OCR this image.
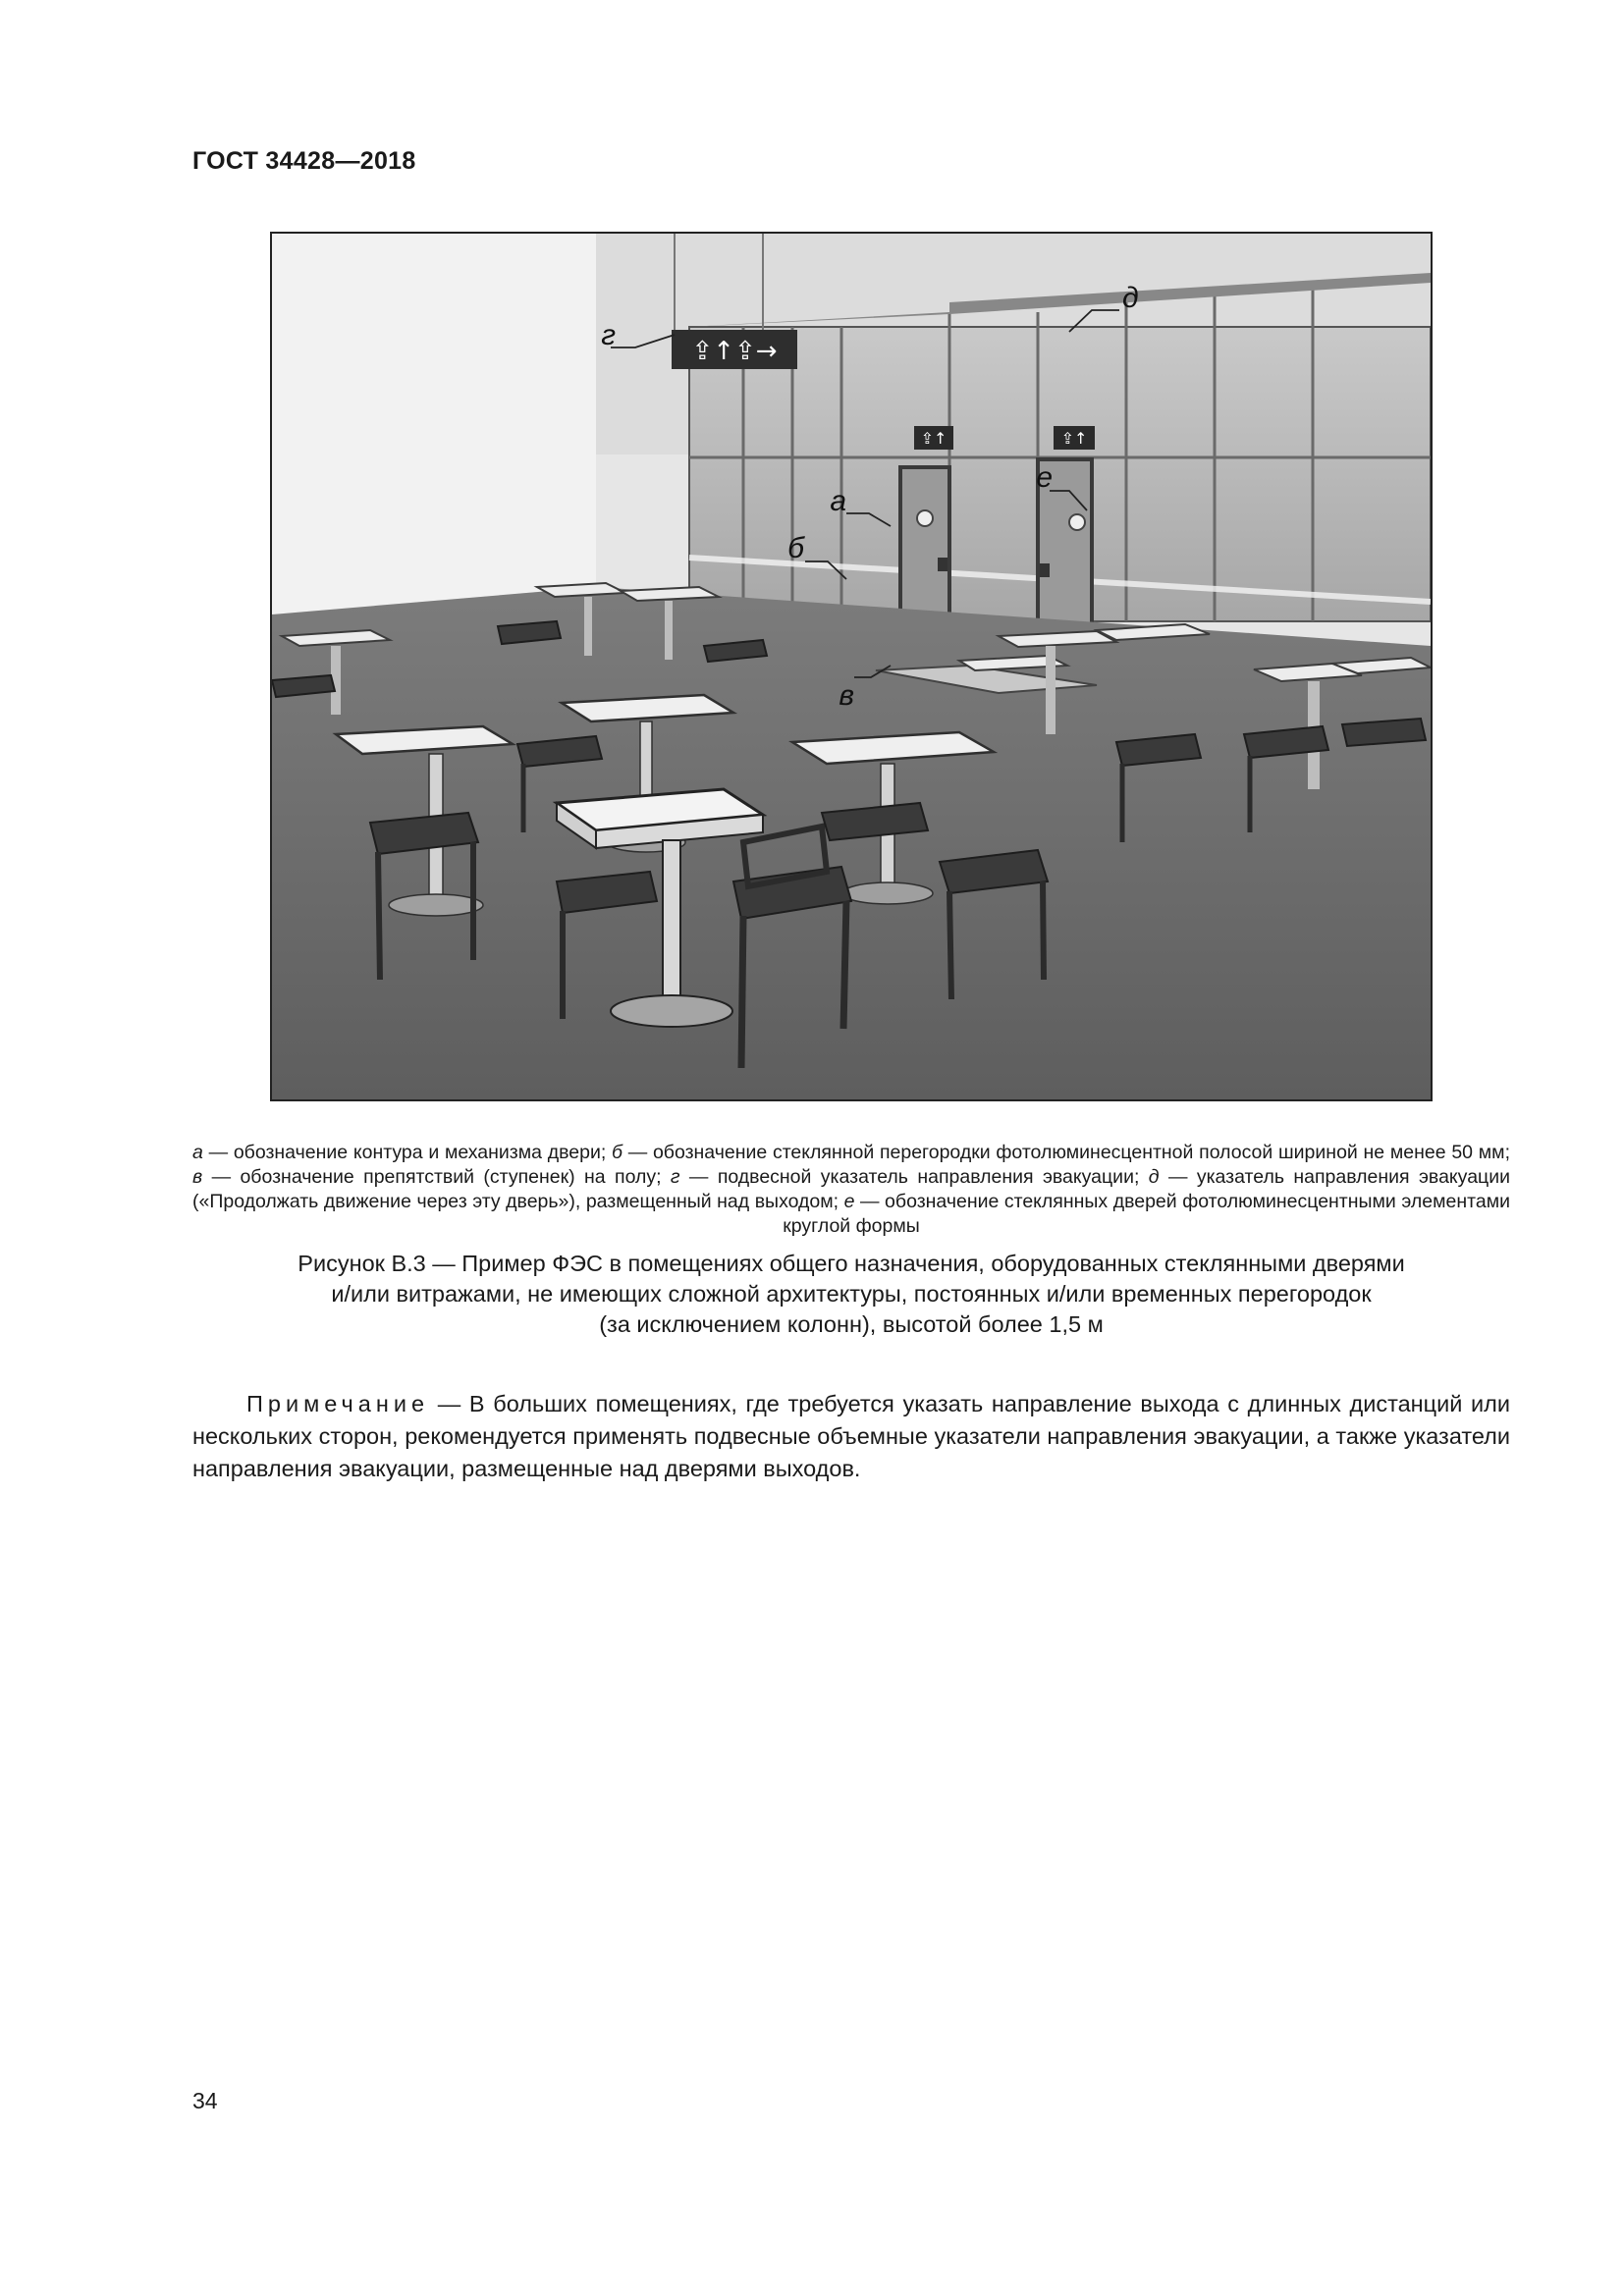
ГОСТ 34428—2018
⇪↑	⇪↑
⇪↑⇪→
г
д
а
е
б
в
а — обозначение контура и механизма двери; б — обозначение стеклянной перегородки фотолюминесцентной полосой шириной не менее 50 мм; в — обозначение препятствий (ступенек) на полу; г — подвесной указатель направления эвакуации; д — указатель направления эвакуации («Продолжать движение через эту дверь»), размещенный над выходом; е — обозначение стеклянных дверей фотолюминесцентными элементами круглой формы
Рисунок В.3 — Пример ФЭС в помещениях общего назначения, оборудованных стеклянными дверями
и/или витражами, не имеющих сложной архитектуры, постоянных и/или временных перегородок
(за исключением колонн), высотой более 1,5 м
Примечание — В больших помещениях, где требуется указать направление выхода с длинных дистанций или нескольких сторон, рекомендуется применять подвесные объемные указатели направления эвакуации, а также указатели направления эвакуации, размещенные над дверями выходов.
34
